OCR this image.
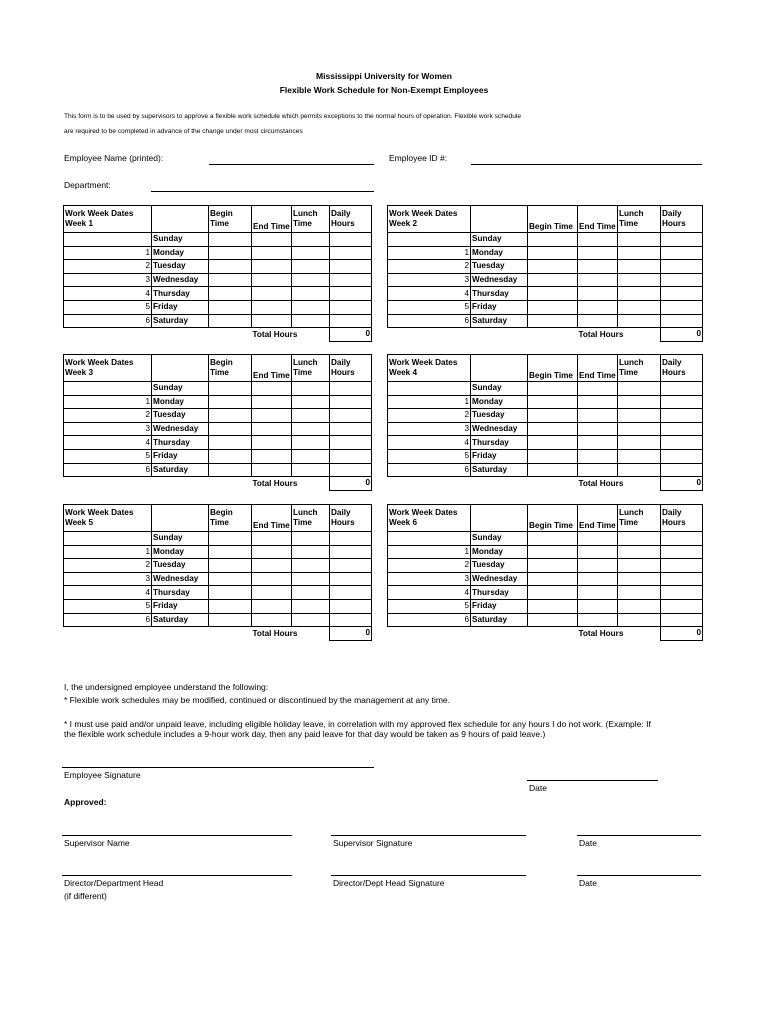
Mississippi University for Women
Flexible Work Schedule for Non-Exempt Employees
This form is to be used by supervisors to approve a flexible work schedule which permits exceptions to the normal hours of operation. Flexible work schedule
are required to be completed in advance of the change under most circumstances
Employee Name (printed):	Employee ID #:
Department:
Work Week Dates
Week 1		Begin Time	End Time	Lunch Time	Daily Hours
	Sunday				
1	Monday				
2	Tuesday				
3	Wednesday				
4	Thursday				
5	Friday				
6	Saturday				
			Total Hours		0
Work Week Dates
Week 2		Begin Time	End Time	Lunch Time	Daily Hours
	Sunday				
1	Monday				
2	Tuesday				
3	Wednesday				
4	Thursday				
5	Friday				
6	Saturday				
			Total Hours		0
Work Week Dates
Week 3		Begin Time	End Time	Lunch Time	Daily Hours
	Sunday				
1	Monday				
2	Tuesday				
3	Wednesday				
4	Thursday				
5	Friday				
6	Saturday				
			Total Hours		0
Work Week Dates
Week 4		Begin Time	End Time	Lunch Time	Daily Hours
	Sunday				
1	Monday				
2	Tuesday				
3	Wednesday				
4	Thursday				
5	Friday				
6	Saturday				
			Total Hours		0
Work Week Dates
Week 5		Begin Time	End Time	Lunch Time	Daily Hours
	Sunday				
1	Monday				
2	Tuesday				
3	Wednesday				
4	Thursday				
5	Friday				
6	Saturday				
			Total Hours		0
Work Week Dates
Week 6		Begin Time	End Time	Lunch Time	Daily Hours
	Sunday				
1	Monday				
2	Tuesday				
3	Wednesday				
4	Thursday				
5	Friday				
6	Saturday				
			Total Hours		0
I, the undersigned employee understand the following:
* Flexible work schedules may be modified, continued or discontinued by the management at any time.
* I must use paid and/or unpaid leave, including eligible holiday leave, in correlation with my approved flex schedule for any hours I do not work. (Example: If
the flexible work schedule includes a 9-hour work day, then any paid leave for that day would be taken as 9 hours of paid leave.)
Employee Signature
Date
Approved:
Supervisor Name	Supervisor Signature	Date
Director/Department Head
(if different)
Director/Dept Head Signature	Date
